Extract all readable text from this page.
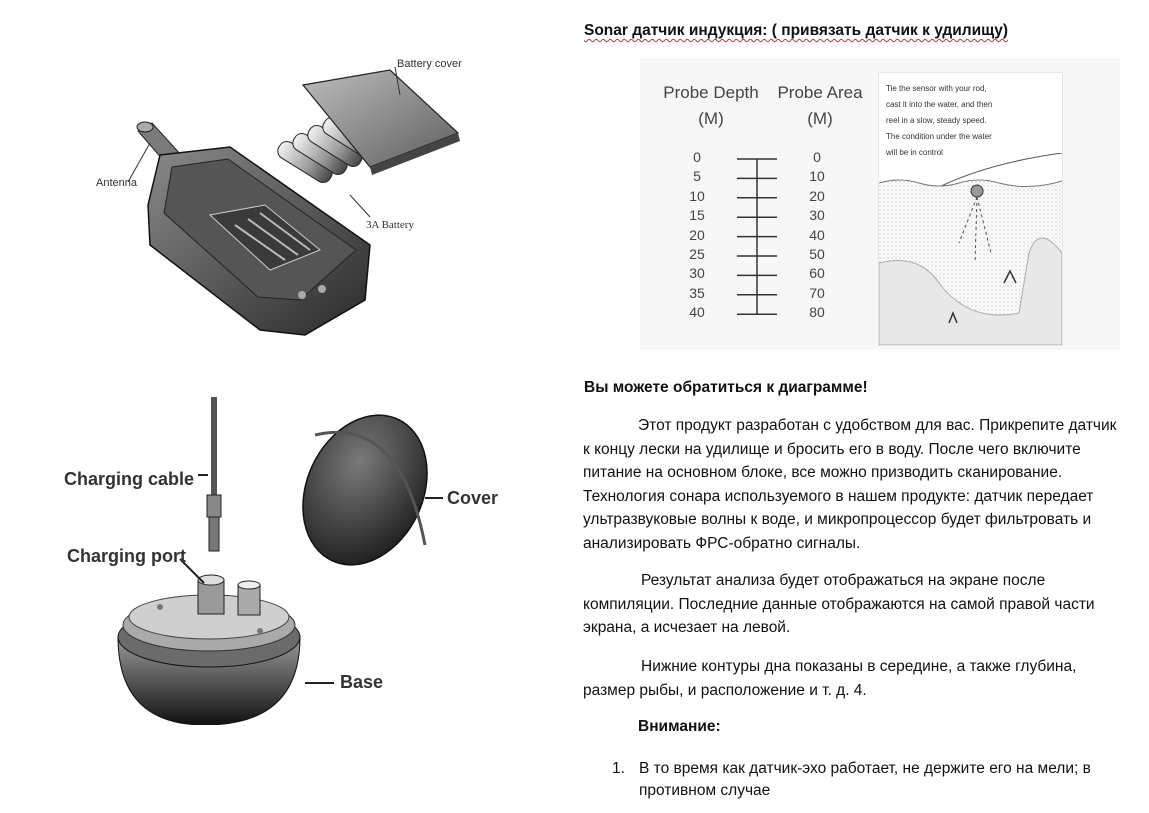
Battery cover
Antenna
3A Battery
Charging cable
Charging port
Cover
Base
Sonar датчик индукция: ( привязать датчик к удилищу)
Probe Depth
(M)
Probe Area
(M)
0
5
10
15
20
25
30
35
40
0
10
20
30
40
50
60
70
80
Tie the sensor with your rod,
cast it into the water, and then
reel in a slow, steady speed.
The condition under the water
will be in control
Вы можете обратиться к диаграмме!
Этот продукт разработан с удобством для вас. Прикрепите датчик
к концу лески на удилище и бросить его в воду. После чего включите
питание на основном блоке, все можно призводить сканирование.
Технология сонара используемого в нашем продукте: датчик передает
ультразвуковые волны к воде, и микропроцессор будет фильтровать и
анализировать ФРС-обратно сигналы.
Результат анализа будет отображаться на экране после
компиляции. Последние данные отображаются на самой правой части
экрана, а исчезает на левой.
Нижние контуры дна показаны в середине, а также глубина,
размер рыбы, и расположение и т. д. 4.
Внимание:
1. В то время как датчик-эхо работает, не держите его на мели; в
противном случае
